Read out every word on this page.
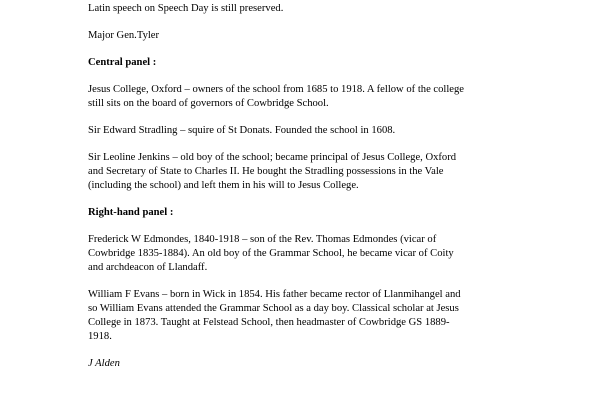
Latin speech on Speech Day is still preserved.

Major Gen.Tyler

Central panel :

Jesus College, Oxford – owners of the school from 1685 to 1918. A fellow of the college
still sits on the board of governors of Cowbridge School.

Sir Edward Stradling – squire of St Donats. Founded the school in 1608.

Sir Leoline Jenkins – old boy of the school; became principal of Jesus College, Oxford
and Secretary of State to Charles II. He bought the Stradling possessions in the Vale
(including the school) and left them in his will to Jesus College.

Right-hand panel :

Frederick W Edmondes, 1840-1918 – son of the Rev. Thomas Edmondes (vicar of
Cowbridge 1835-1884). An old boy of the Grammar School, he became vicar of Coity
and archdeacon of Llandaff.

William F Evans – born in Wick in 1854. His father became rector of Llanmihangel and
so William Evans attended the Grammar School as a day boy. Classical scholar at Jesus
College in 1873. Taught at Felstead School, then headmaster of Cowbridge GS 1889-
1918.

J Alden
